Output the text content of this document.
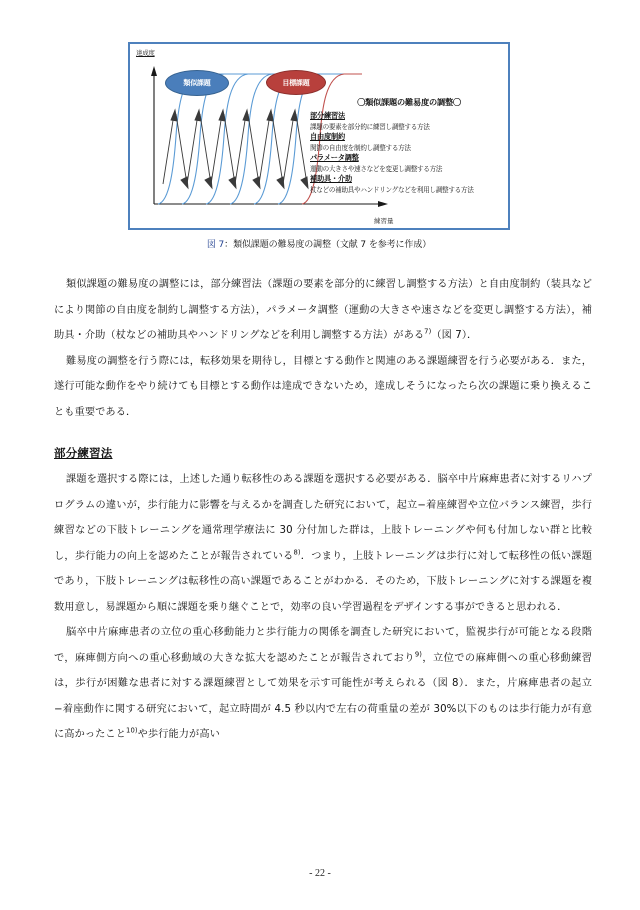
達成度
練習量
類似課題	目標課題
〇類似課題の難易度の調整〇
部分練習法
課題の要素を部分的に練習し調整する方法
自由度制約
関節の自由度を制約し調整する方法
パラメータ調整
運動の大きさや速さなどを変更し調整する方法
補助具・介助
杖などの補助具やハンドリングなどを利用し調整する方法
図 7：類似課題の難易度の調整（文献 7 を参考に作成）

類似課題の難易度の調整には，部分練習法（課題の要素を部分的に練習し調整する方法）と自由度制約（装具などにより関節の自由度を制約し調整する方法），パラメータ調整（運動の大きさや速さなどを変更し調整する方法），補助具・介助（杖などの補助具やハンドリングなどを利用し調整する方法）がある$^{7)}$（図 7）．

難易度の調整を行う際には，転移効果を期待し，目標とする動作と関連のある課題練習を行う必要がある．また，遂行可能な動作をやり続けても目標とする動作は達成できないため，達成しそうになったら次の課題に乗り換えることも重要である．

部分練習法

課題を選択する際には，上述した通り転移性のある課題を選択する必要がある．脳卒中片麻痺患者に対するリハプログラムの違いが，歩行能力に影響を与えるかを調査した研究において，起立−着座練習や立位バランス練習，歩行練習などの下肢トレーニングを通常理学療法に 30 分付加した群は，上肢トレーニングや何も付加しない群と比較し，歩行能力の向上を認めたことが報告されている$^{8)}$．つまり，上肢トレーニングは歩行に対して転移性の低い課題であり，下肢トレーニングは転移性の高い課題であることがわかる．そのため，下肢トレーニングに対する課題を複数用意し，易課題から順に課題を乗り継ぐことで，効率の良い学習過程をデザインする事ができると思われる．

脳卒中片麻痺患者の立位の重心移動能力と歩行能力の関係を調査した研究において，監視歩行が可能となる段階で，麻痺側方向への重心移動域の大きな拡大を認めたことが報告されており$^{9)}$，立位での麻痺側への重心移動練習は，歩行が困難な患者に対する課題練習として効果を示す可能性が考えられる（図 8）．また，片麻痺患者の起立−着座動作に関する研究において，起立時間が 4.5 秒以内で左右の荷重量の差が 30%以下のものは歩行能力が有意に高かったこと$^{10)}$や歩行能力が高い

- 22 -
